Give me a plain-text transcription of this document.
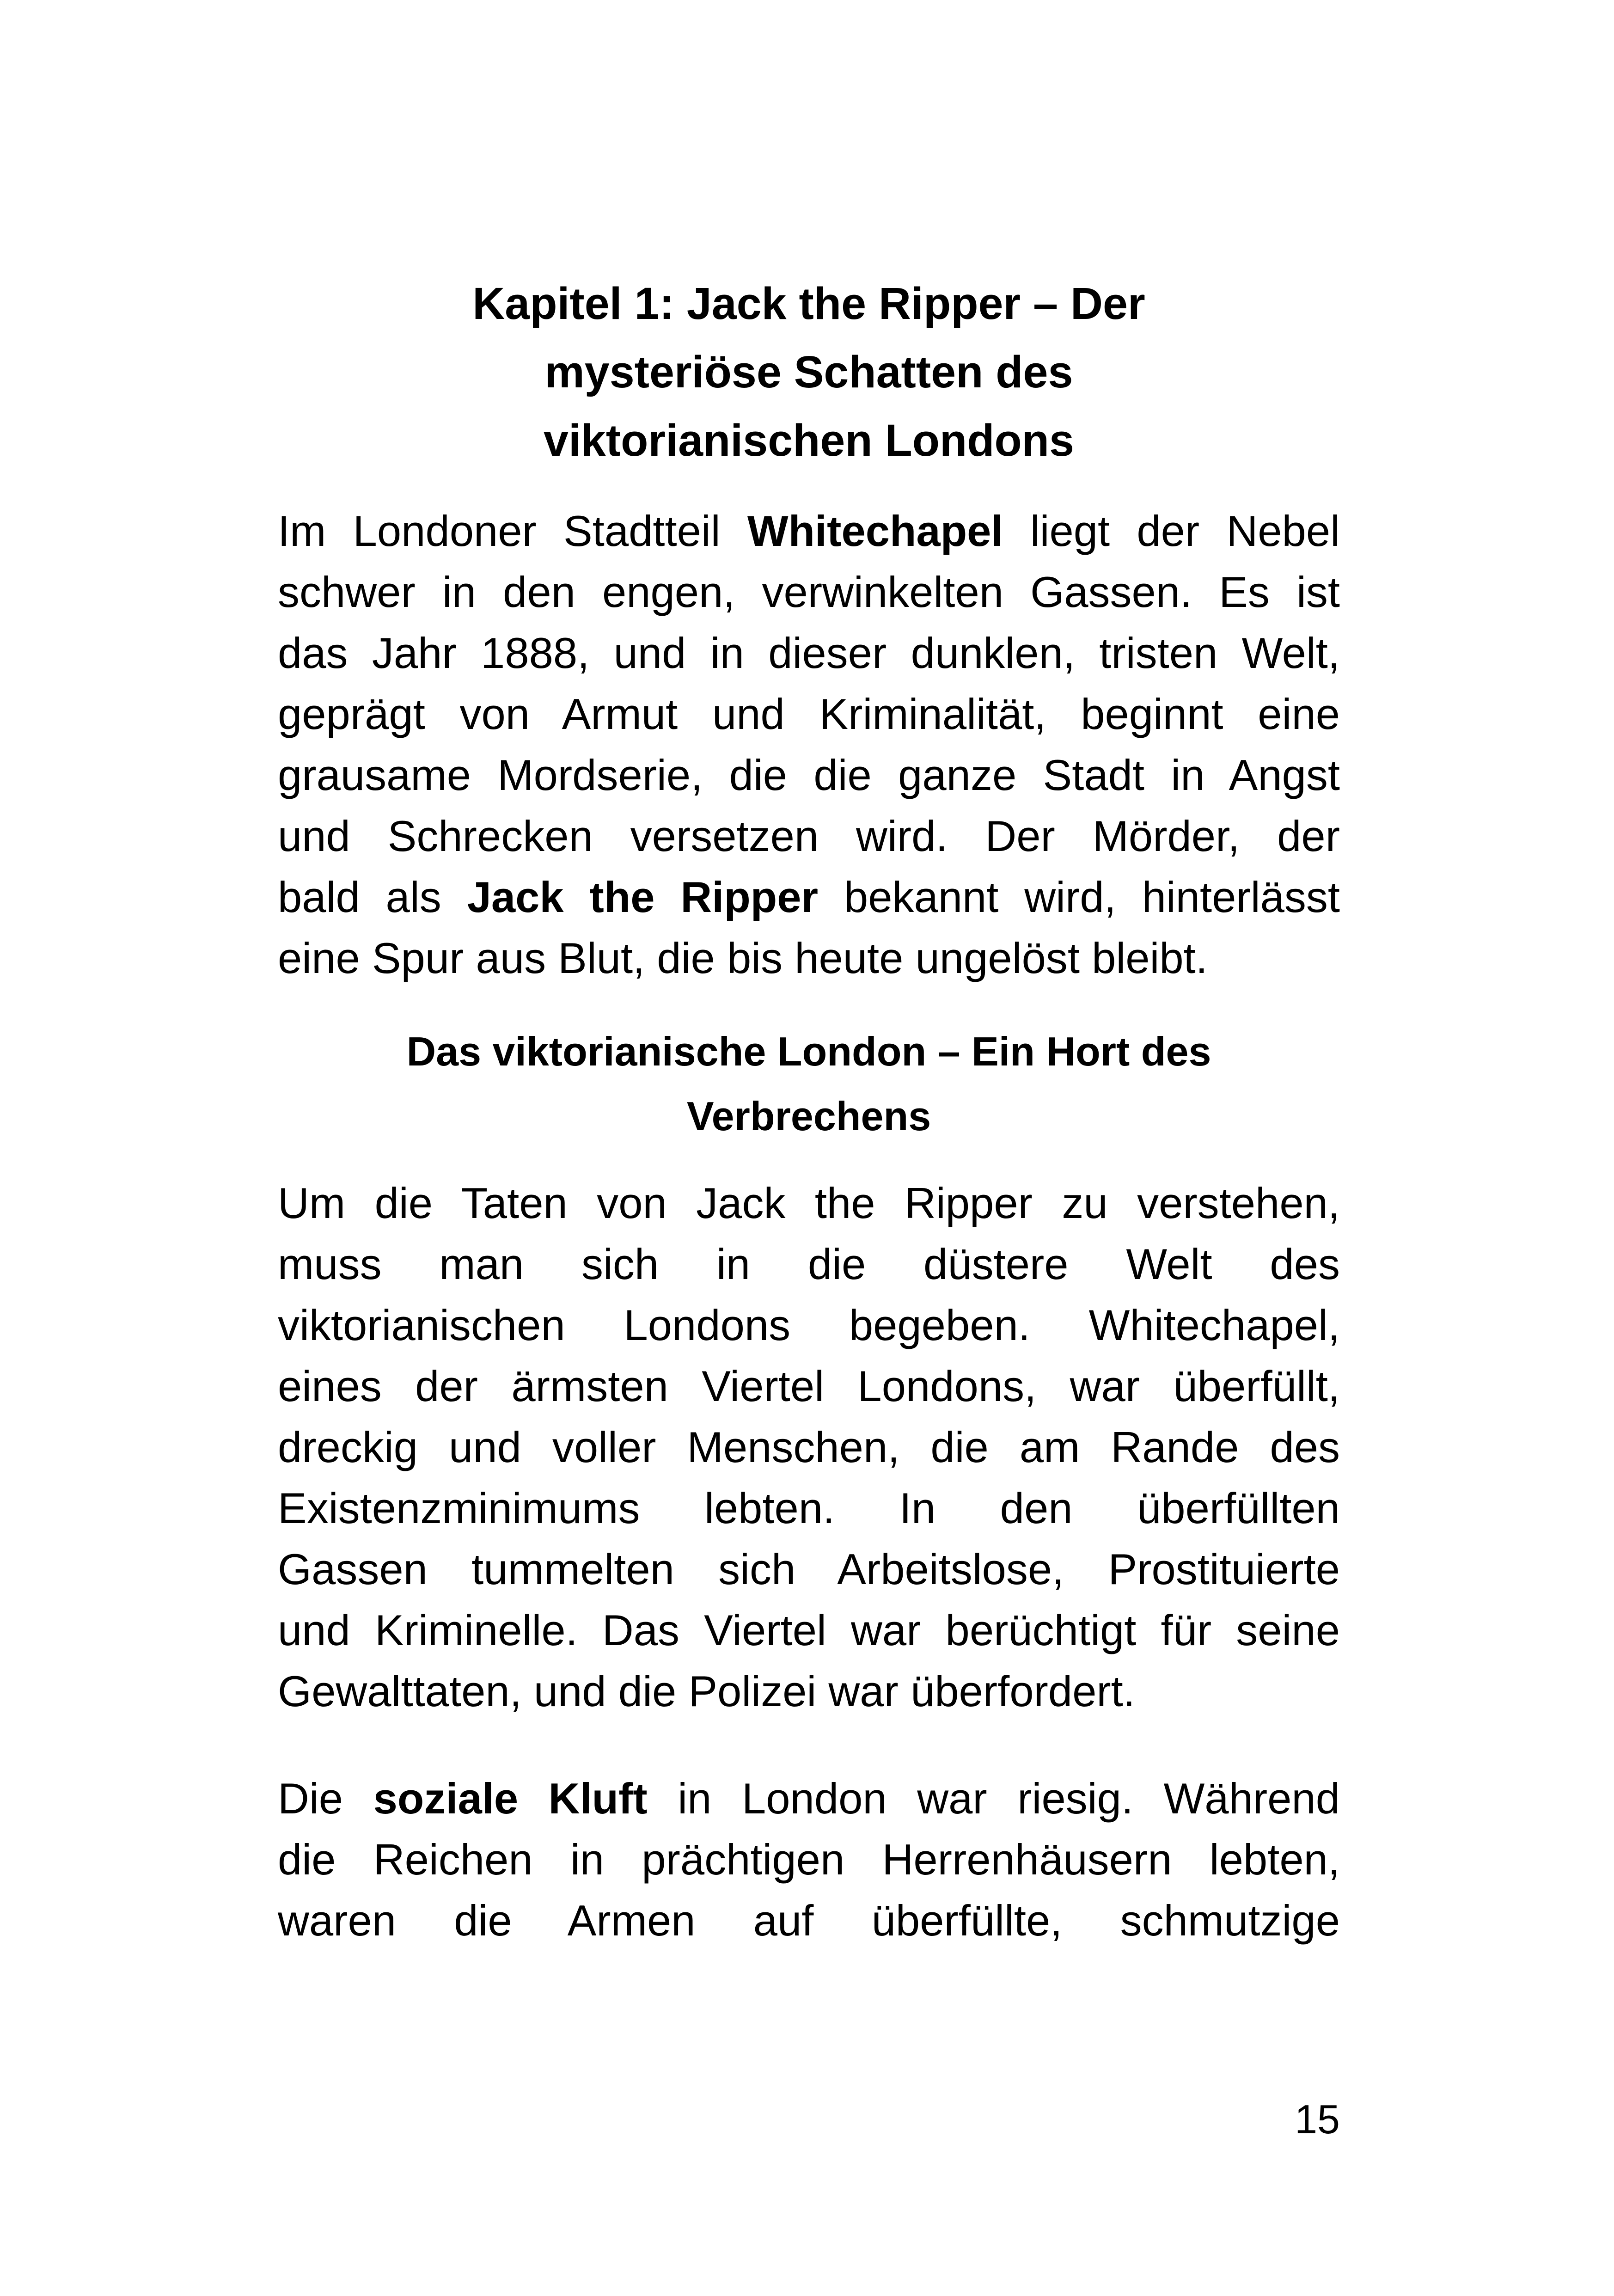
Kapitel 1: Jack the Ripper – Der
mysteriöse Schatten des
viktorianischen Londons

Im Londoner Stadtteil Whitechapel liegt der Nebel
schwer in den engen, verwinkelten Gassen. Es ist
das Jahr 1888, und in dieser dunklen, tristen Welt,
geprägt von Armut und Kriminalität, beginnt eine
grausame Mordserie, die die ganze Stadt in Angst
und Schrecken versetzen wird. Der Mörder, der
bald als Jack the Ripper bekannt wird, hinterlässt
eine Spur aus Blut, die bis heute ungelöst bleibt.

Das viktorianische London – Ein Hort des
Verbrechens

Um die Taten von Jack the Ripper zu verstehen,
muss man sich in die düstere Welt des
viktorianischen Londons begeben. Whitechapel,
eines der ärmsten Viertel Londons, war überfüllt,
dreckig und voller Menschen, die am Rande des
Existenzminimums lebten. In den überfüllten
Gassen tummelten sich Arbeitslose, Prostituierte
und Kriminelle. Das Viertel war berüchtigt für seine
Gewalttaten, und die Polizei war überfordert.

Die soziale Kluft in London war riesig. Während
die Reichen in prächtigen Herrenhäusern lebten,
waren die Armen auf überfüllte, schmutzige

15
